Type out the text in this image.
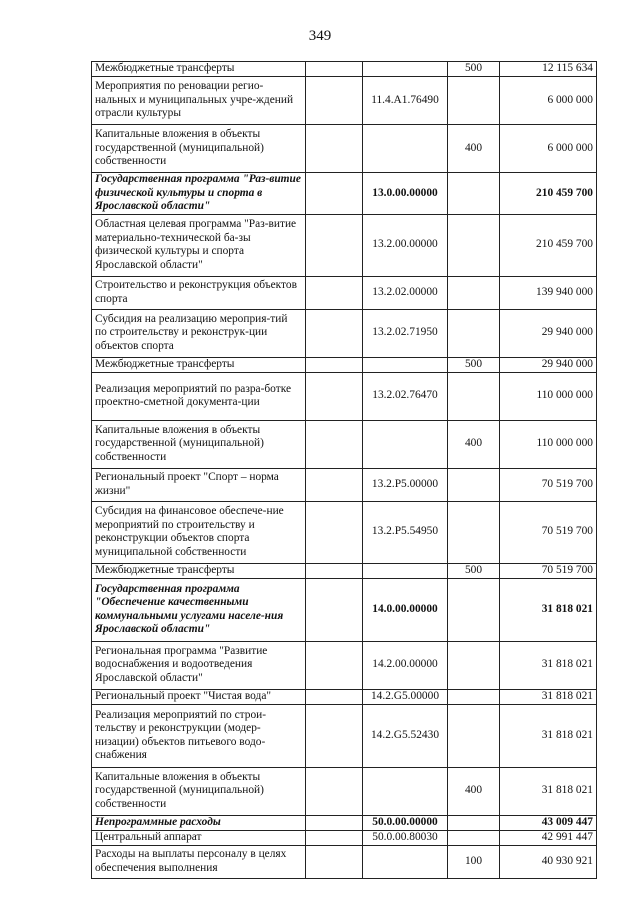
349
Межбюджетные трансферты			500	12 115 634
Мероприятия по реновации регио-нальных и муниципальных учре-ждений отрасли культуры		11.4.A1.76490		6 000 000
Капитальные вложения в объекты государственной (муниципальной) собственности			400	6 000 000
Государственная программа "Раз-витие физической культуры и спорта в Ярославской области"		13.0.00.00000		210 459 700
Областная целевая программа "Раз-витие материально-технической ба-зы физической культуры и спорта Ярославской области"		13.2.00.00000		210 459 700
Строительство и реконструкция объектов спорта		13.2.02.00000		139 940 000
Субсидия на реализацию мероприя-тий по строительству и реконструк-ции объектов спорта		13.2.02.71950		29 940 000
Межбюджетные трансферты			500	29 940 000
Реализация мероприятий по разра-ботке проектно-сметной документа-ции		13.2.02.76470		110 000 000
Капитальные вложения в объекты государственной (муниципальной) собственности			400	110 000 000
Региональный проект "Спорт – норма жизни"		13.2.P5.00000		70 519 700
Субсидия на финансовое обеспече-ние мероприятий по строительству и реконструкции объектов спорта муниципальной собственности		13.2.P5.54950		70 519 700
Межбюджетные трансферты			500	70 519 700
Государственная программа "Обеспечение качественными коммунальными услугами населе-ния Ярославской области"		14.0.00.00000		31 818 021
Региональная программа "Развитие водоснабжения и водоотведения Ярославской области"		14.2.00.00000		31 818 021
Региональный проект "Чистая вода"		14.2.G5.00000		31 818 021
Реализация мероприятий по строи-тельству и реконструкции (модер-низации) объектов питьевого водо-снабжения		14.2.G5.52430		31 818 021
Капитальные вложения в объекты государственной (муниципальной) собственности			400	31 818 021
Непрограммные расходы		50.0.00.00000		43 009 447
Центральный аппарат		50.0.00.80030		42 991 447
Расходы на выплаты персоналу в целях обеспечения выполнения			100	40 930 921
